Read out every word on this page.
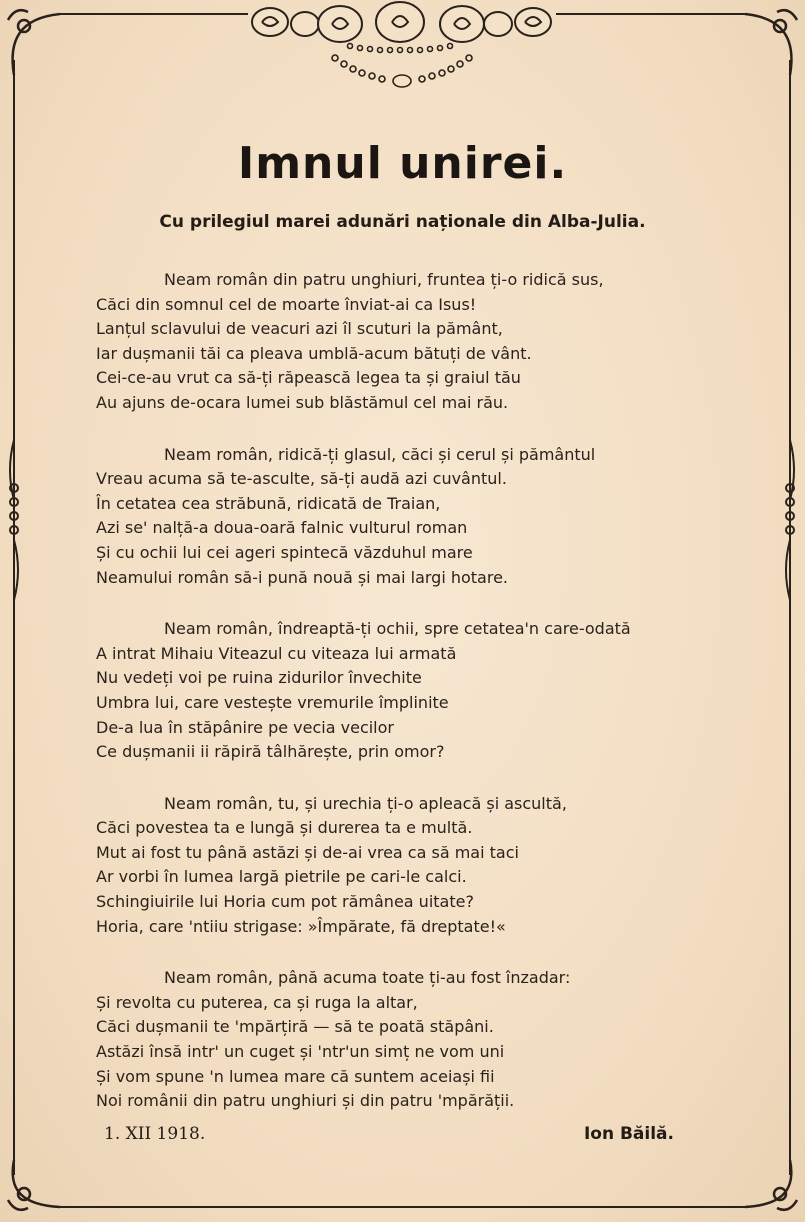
Imnul unirei.
Cu prilegiul marei adunări naționale din Alba-Julia.
Neam român din patru unghiuri, fruntea ți-o ridică sus,
Căci din somnul cel de moarte înviat-ai ca Isus!
Lanțul sclavului de veacuri azi îl scuturi la pământ,
Iar dușmanii tăi ca pleava umblă-acum bătuți de vânt.
Cei-ce-au vrut ca să-ți răpească legea ta și graiul tău
Au ajuns de-ocara lumei sub blăstămul cel mai rău.
Neam român, ridică-ți glasul, căci și cerul și pământul
Vreau acuma să te-asculte, să-ți audă azi cuvântul.
În cetatea cea străbună, ridicată de Traian,
Azi se' nalță-a doua-oară falnic vulturul roman
Și cu ochii lui cei ageri spintecă văzduhul mare
Neamului român să-i pună nouă și mai largi hotare.
Neam român, îndreaptă-ți ochii, spre cetatea'n care-odată
A intrat Mihaiu Viteazul cu viteaza lui armată
Nu vedeți voi pe ruina zidurilor învechite
Umbra lui, care vestește vremurile împlinite
De-a lua în stăpânire pe vecia vecilor
Ce dușmanii ii răpiră tâlhărește, prin omor?
Neam român, tu, și urechia ți-o apleacă și ascultă,
Căci povestea ta e lungă și durerea ta e multă.
Mut ai fost tu până astăzi și de-ai vrea ca să mai taci
Ar vorbi în lumea largă pietrile pe cari-le calci.
Schingiuirile lui Horia cum pot rămânea uitate?
Horia, care 'ntiiu strigase: »Împărate, fă dreptate!«
Neam român, până acuma toate ți-au fost înzadar:
Și revolta cu puterea, ca și ruga la altar,
Căci dușmanii te 'mpărțiră — să te poată stăpâni.
Astăzi însă intr' un cuget și 'ntr'un simț ne vom uni
Și vom spune 'n lumea mare că suntem aceiași fii
Noi românii din patru unghiuri și din patru 'mpărății.
1. XII 1918.	Ion Băilă.
